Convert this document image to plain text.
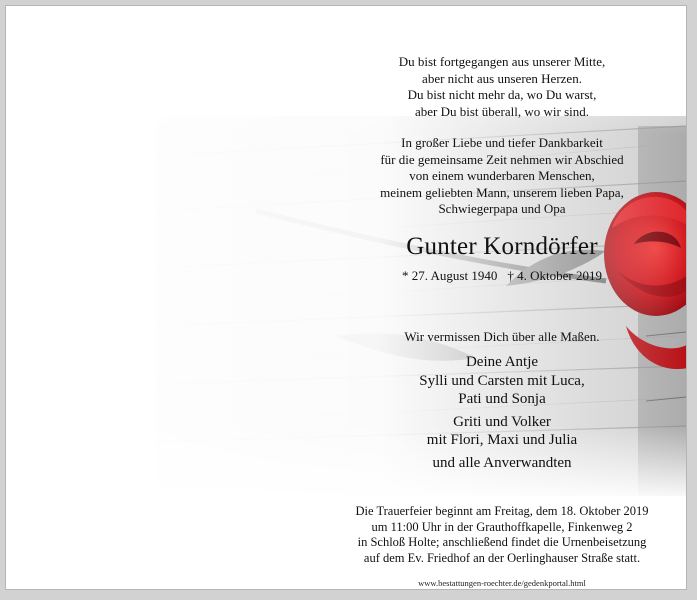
Du bist fortgegangen aus unserer Mitte,
aber nicht aus unseren Herzen.
Du bist nicht mehr da, wo Du warst,
aber Du bist überall, wo wir sind.
In großer Liebe und tiefer Dankbarkeit
für die gemeinsame Zeit nehmen wir Abschied
von einem wunderbaren Menschen,
meinem geliebten Mann, unserem lieben Papa,
Schwiegerpapa und Opa
Gunter Korndörfer
* 27. August 1940 † 4. Oktober 2019
Wir vermissen Dich über alle Maßen.
Deine Antje
Sylli und Carsten mit Luca,
Pati und Sonja
Griti und Volker
mit Flori, Maxi und Julia
und alle Anverwandten
Die Trauerfeier beginnt am Freitag, dem 18. Oktober 2019
um 11:00 Uhr in der Grauthoffkapelle, Finkenweg 2
in Schloß Holte; anschließend findet die Urnenbeisetzung
auf dem Ev. Friedhof an der Oerlinghauser Straße statt.
www.bestattungen-roechter.de/gedenkportal.html
